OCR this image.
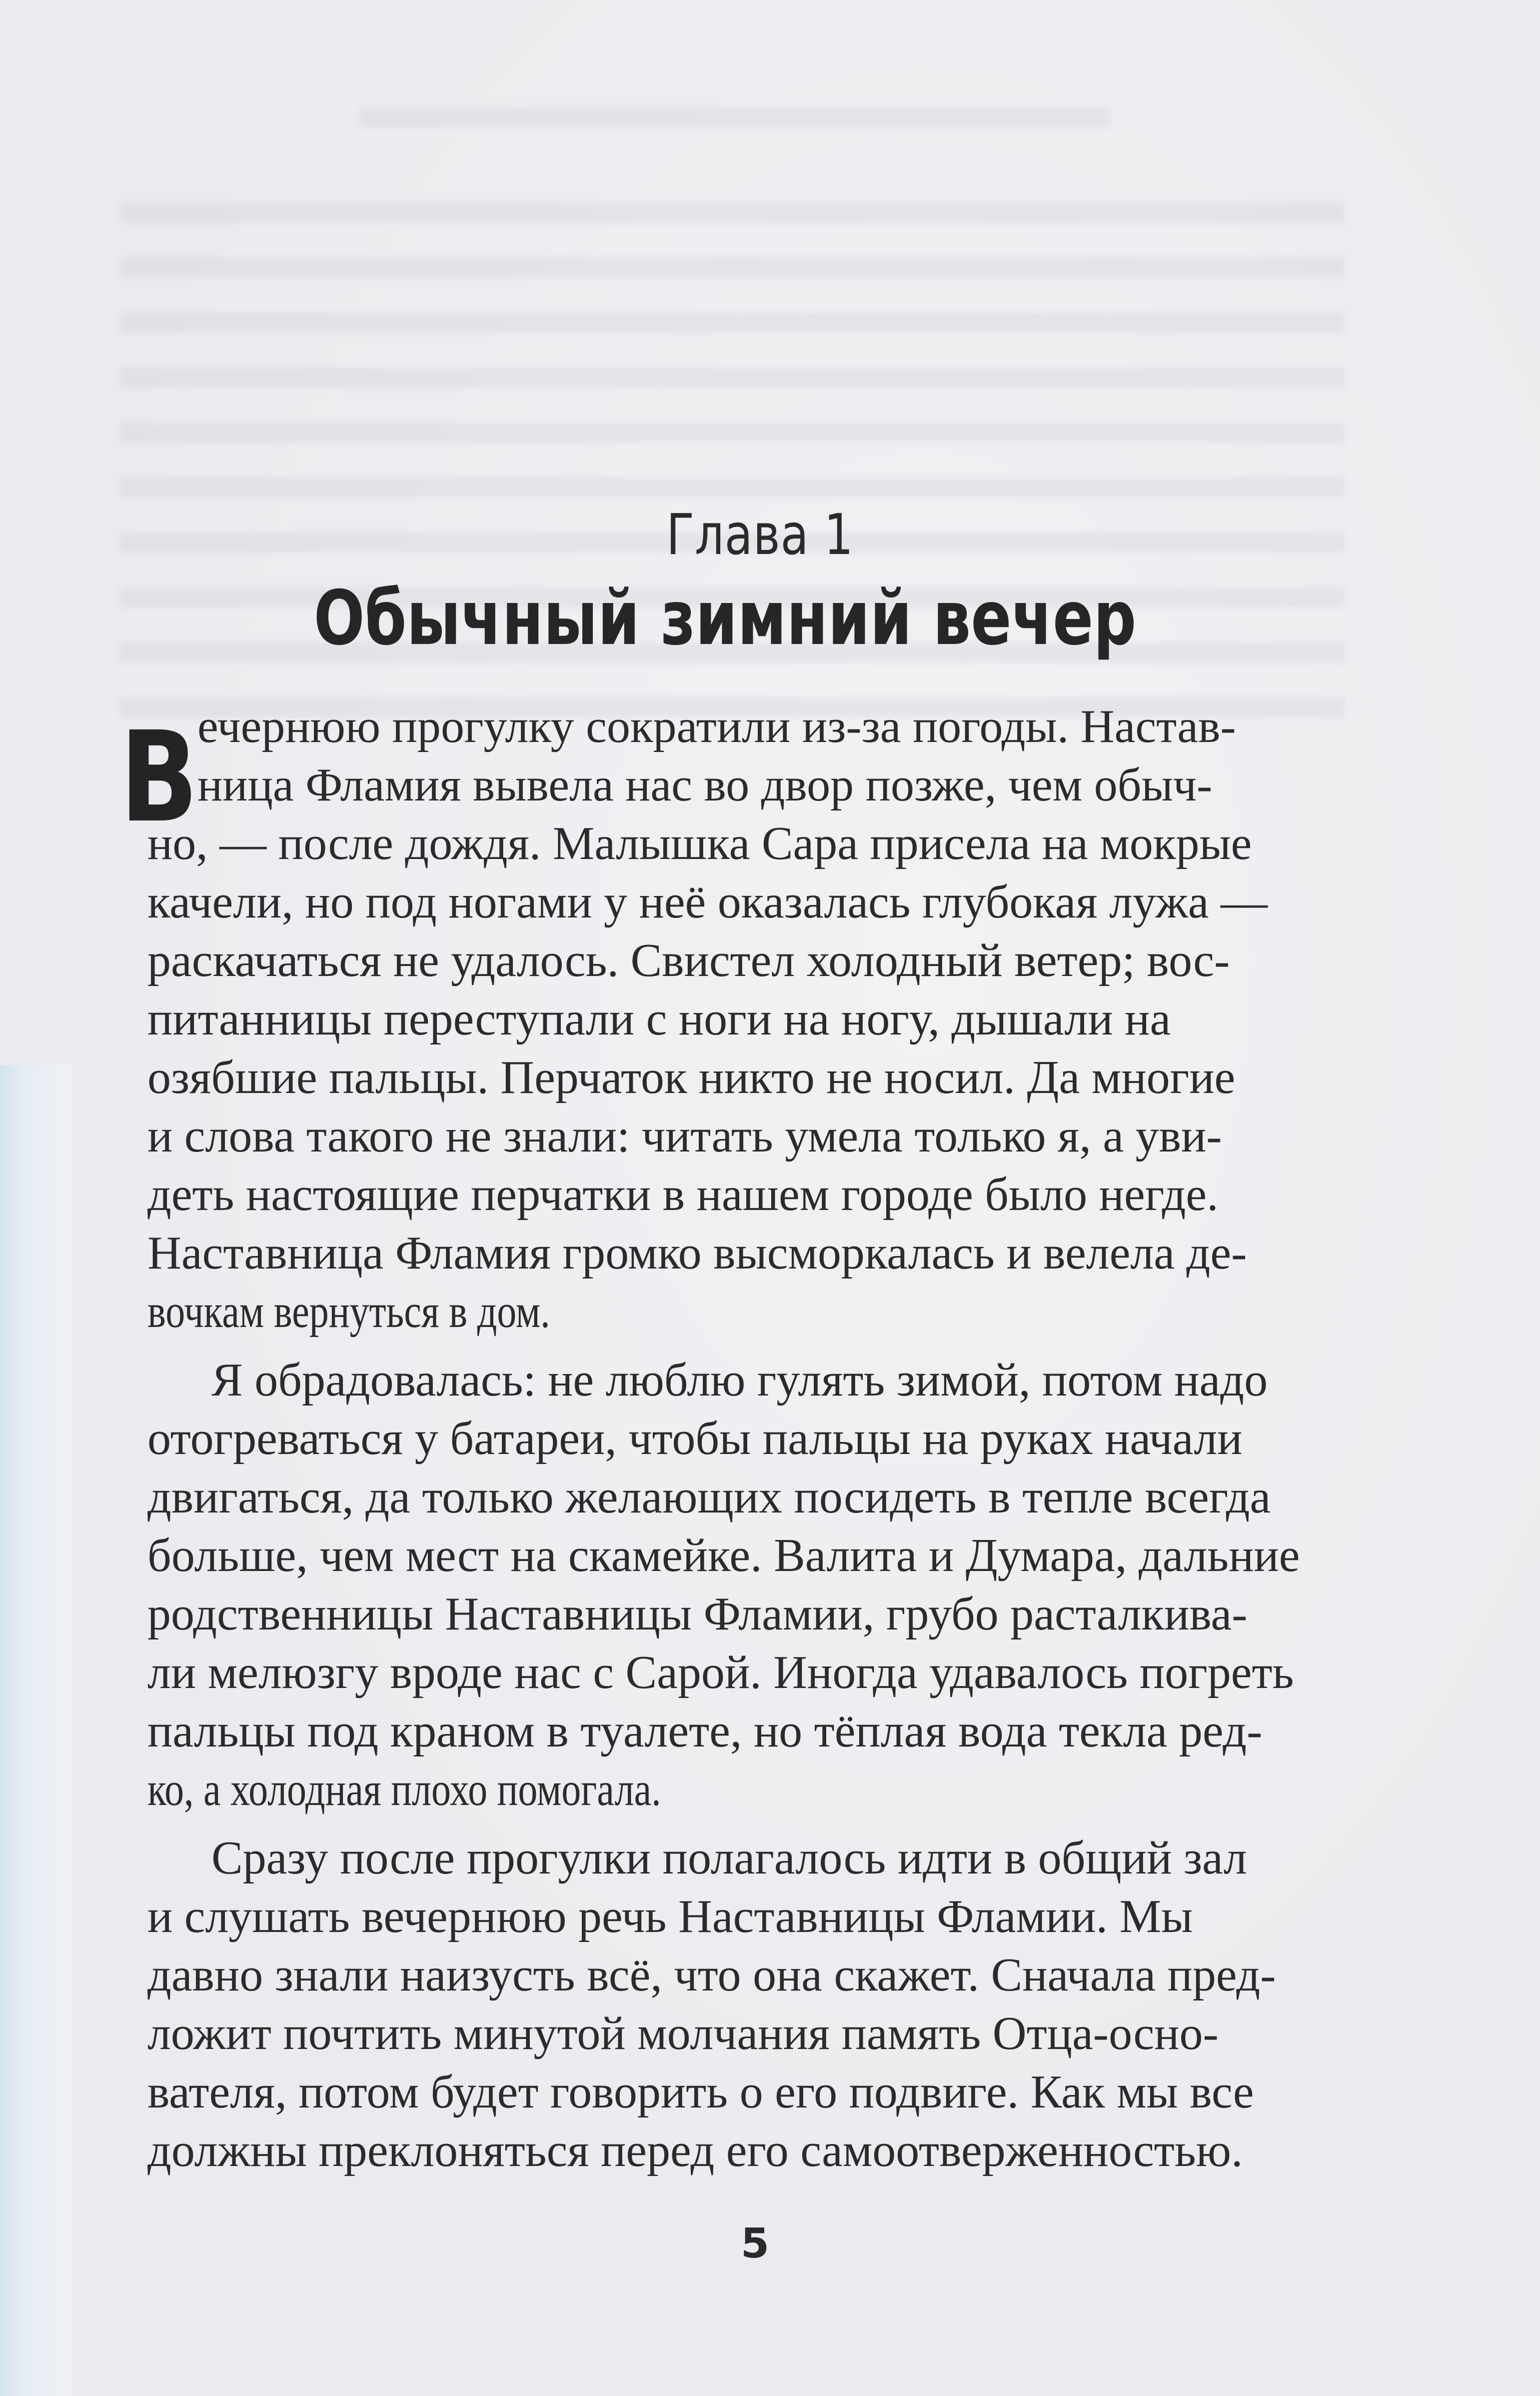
Глава 1
Обычный зимний вечер
В
ечернюю прогулку сократили из-за погоды. Настав-
ница Фламия вывела нас во двор позже, чем обыч-
но, — после дождя. Малышка Сара присела на мокрые
качели, но под ногами у неё оказалась глубокая лужа —
раскачаться не удалось. Свистел холодный ветер; вос-
питанницы переступали с ноги на ногу, дышали на
озябшие пальцы. Перчаток никто не носил. Да многие
и слова такого не знали: читать умела только я, а уви-
деть настоящие перчатки в нашем городе было негде.
Наставница Фламия громко высморкалась и велела де-
вочкам вернуться в дом.
Я обрадовалась: не люблю гулять зимой, потом надо
отогреваться у батареи, чтобы пальцы на руках начали
двигаться, да только желающих посидеть в тепле всегда
больше, чем мест на скамейке. Валита и Думара, дальние
родственницы Наставницы Фламии, грубо расталкива-
ли мелюзгу вроде нас с Сарой. Иногда удавалось погреть
пальцы под краном в туалете, но тёплая вода текла ред-
ко, а холодная плохо помогала.
Сразу после прогулки полагалось идти в общий зал
и слушать вечернюю речь Наставницы Фламии. Мы
давно знали наизусть всё, что она скажет. Сначала пред-
ложит почтить минутой молчания память Отца-осно-
вателя, потом будет говорить о его подвиге. Как мы все
должны преклоняться перед его самоотверженностью.
5
